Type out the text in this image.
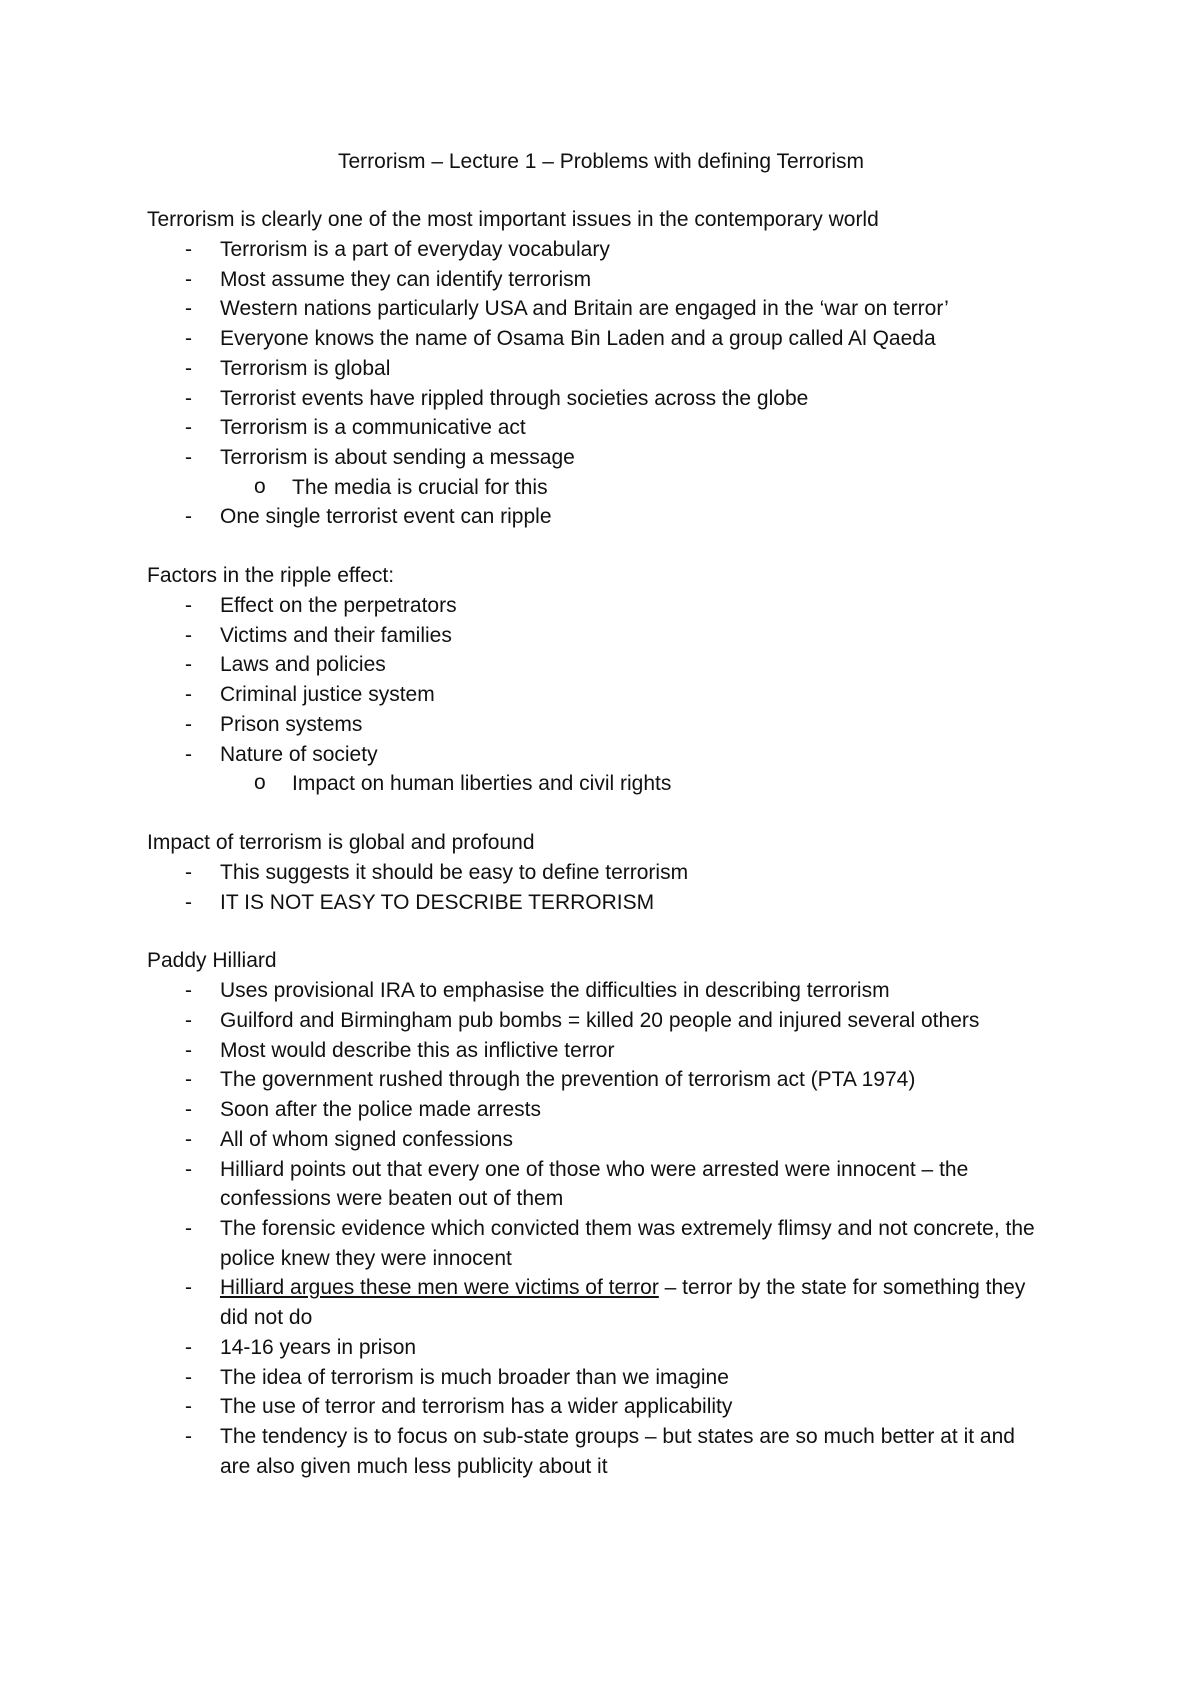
Terrorism – Lecture 1 – Problems with defining Terrorism

Terrorism is clearly one of the most important issues in the contemporary world

- Terrorism is a part of everyday vocabulary
- Most assume they can identify terrorism
- Western nations particularly USA and Britain are engaged in the ‘war on terror’
- Everyone knows the name of Osama Bin Laden and a group called Al Qaeda
- Terrorism is global
- Terrorist events have rippled through societies across the globe
- Terrorism is a communicative act
- Terrorism is about sending a message
o The media is crucial for this
- One single terrorist event can ripple

Factors in the ripple effect:

- Effect on the perpetrators
- Victims and their families
- Laws and policies
- Criminal justice system
- Prison systems
- Nature of society
o Impact on human liberties and civil rights

Impact of terrorism is global and profound

- This suggests it should be easy to define terrorism
- IT IS NOT EASY TO DESCRIBE TERRORISM

Paddy Hilliard

- Uses provisional IRA to emphasise the difficulties in describing terrorism
- Guilford and Birmingham pub bombs = killed 20 people and injured several others
- Most would describe this as inflictive terror
- The government rushed through the prevention of terrorism act (PTA 1974)
- Soon after the police made arrests
- All of whom signed confessions
- Hilliard points out that every one of those who were arrested were innocent – the confessions were beaten out of them
- The forensic evidence which convicted them was extremely flimsy and not concrete, the police knew they were innocent
- Hilliard argues these men were victims of terror – terror by the state for something they did not do
- 14-16 years in prison
- The idea of terrorism is much broader than we imagine
- The use of terror and terrorism has a wider applicability
- The tendency is to focus on sub-state groups – but states are so much better at it and are also given much less publicity about it
